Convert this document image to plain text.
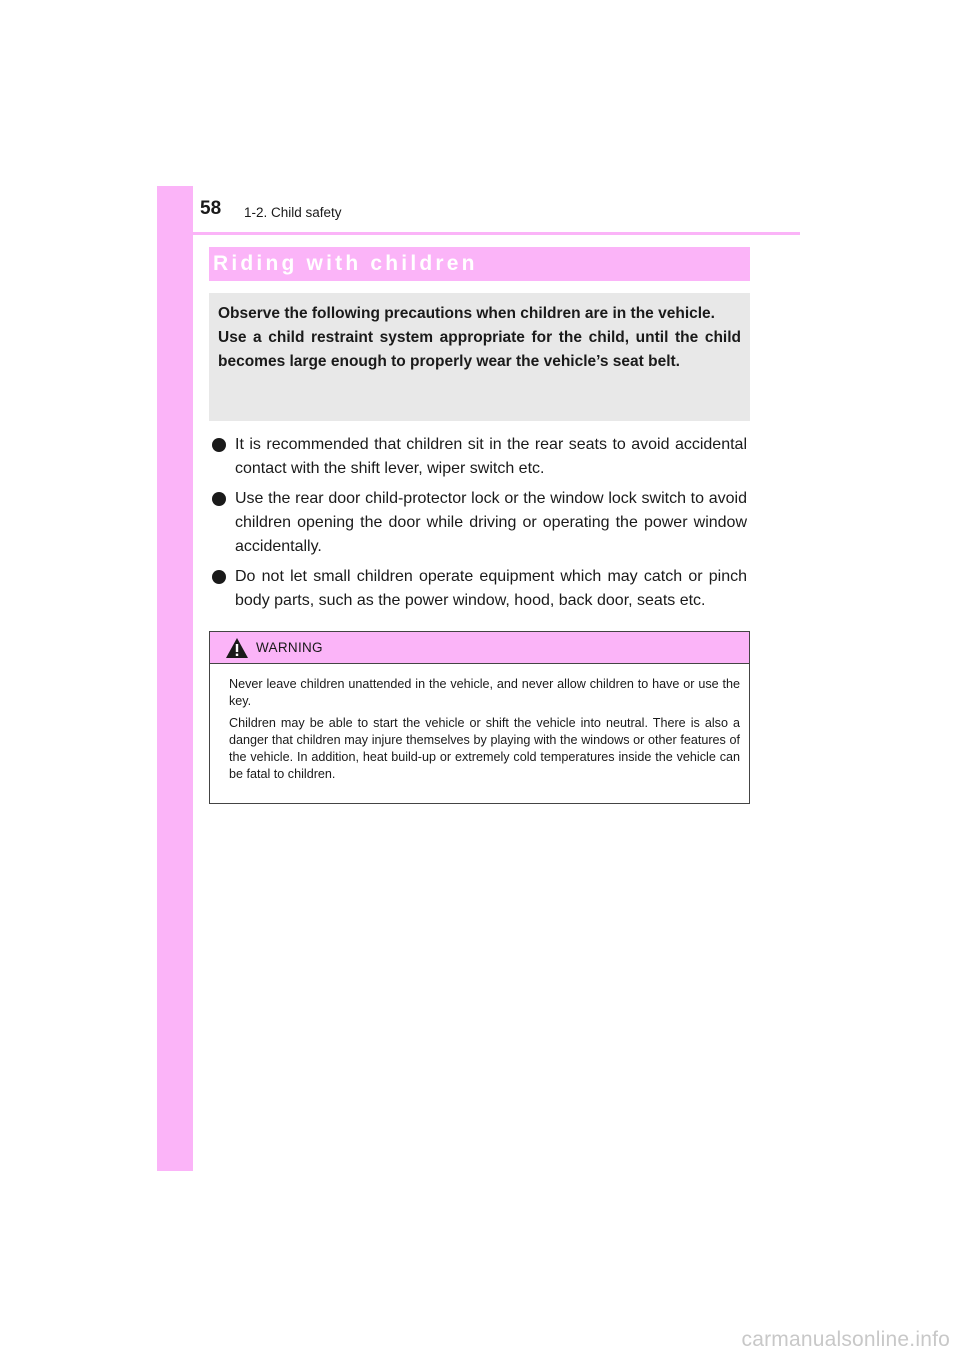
58 1-2. Child safety
Riding with children

Observe the following precautions when children are in the vehicle.

Use a child restraint system appropriate for the child, until the child becomes large enough to properly wear the vehicle’s seat belt.

It is recommended that children sit in the rear seats to avoid accidental contact with the shift lever, wiper switch etc.
Use the rear door child-protector lock or the window lock switch to avoid children opening the door while driving or operating the power window accidentally.
Do not let small children operate equipment which may catch or pinch body parts, such as the power window, hood, back door, seats etc.
WARNING

Never leave children unattended in the vehicle, and never allow children to have or use the key.

Children may be able to start the vehicle or shift the vehicle into neutral. There is also a danger that children may injure themselves by playing with the windows or other features of the vehicle. In addition, heat build-up or extremely cold temperatures inside the vehicle can be fatal to children.

carmanualsonline.info
